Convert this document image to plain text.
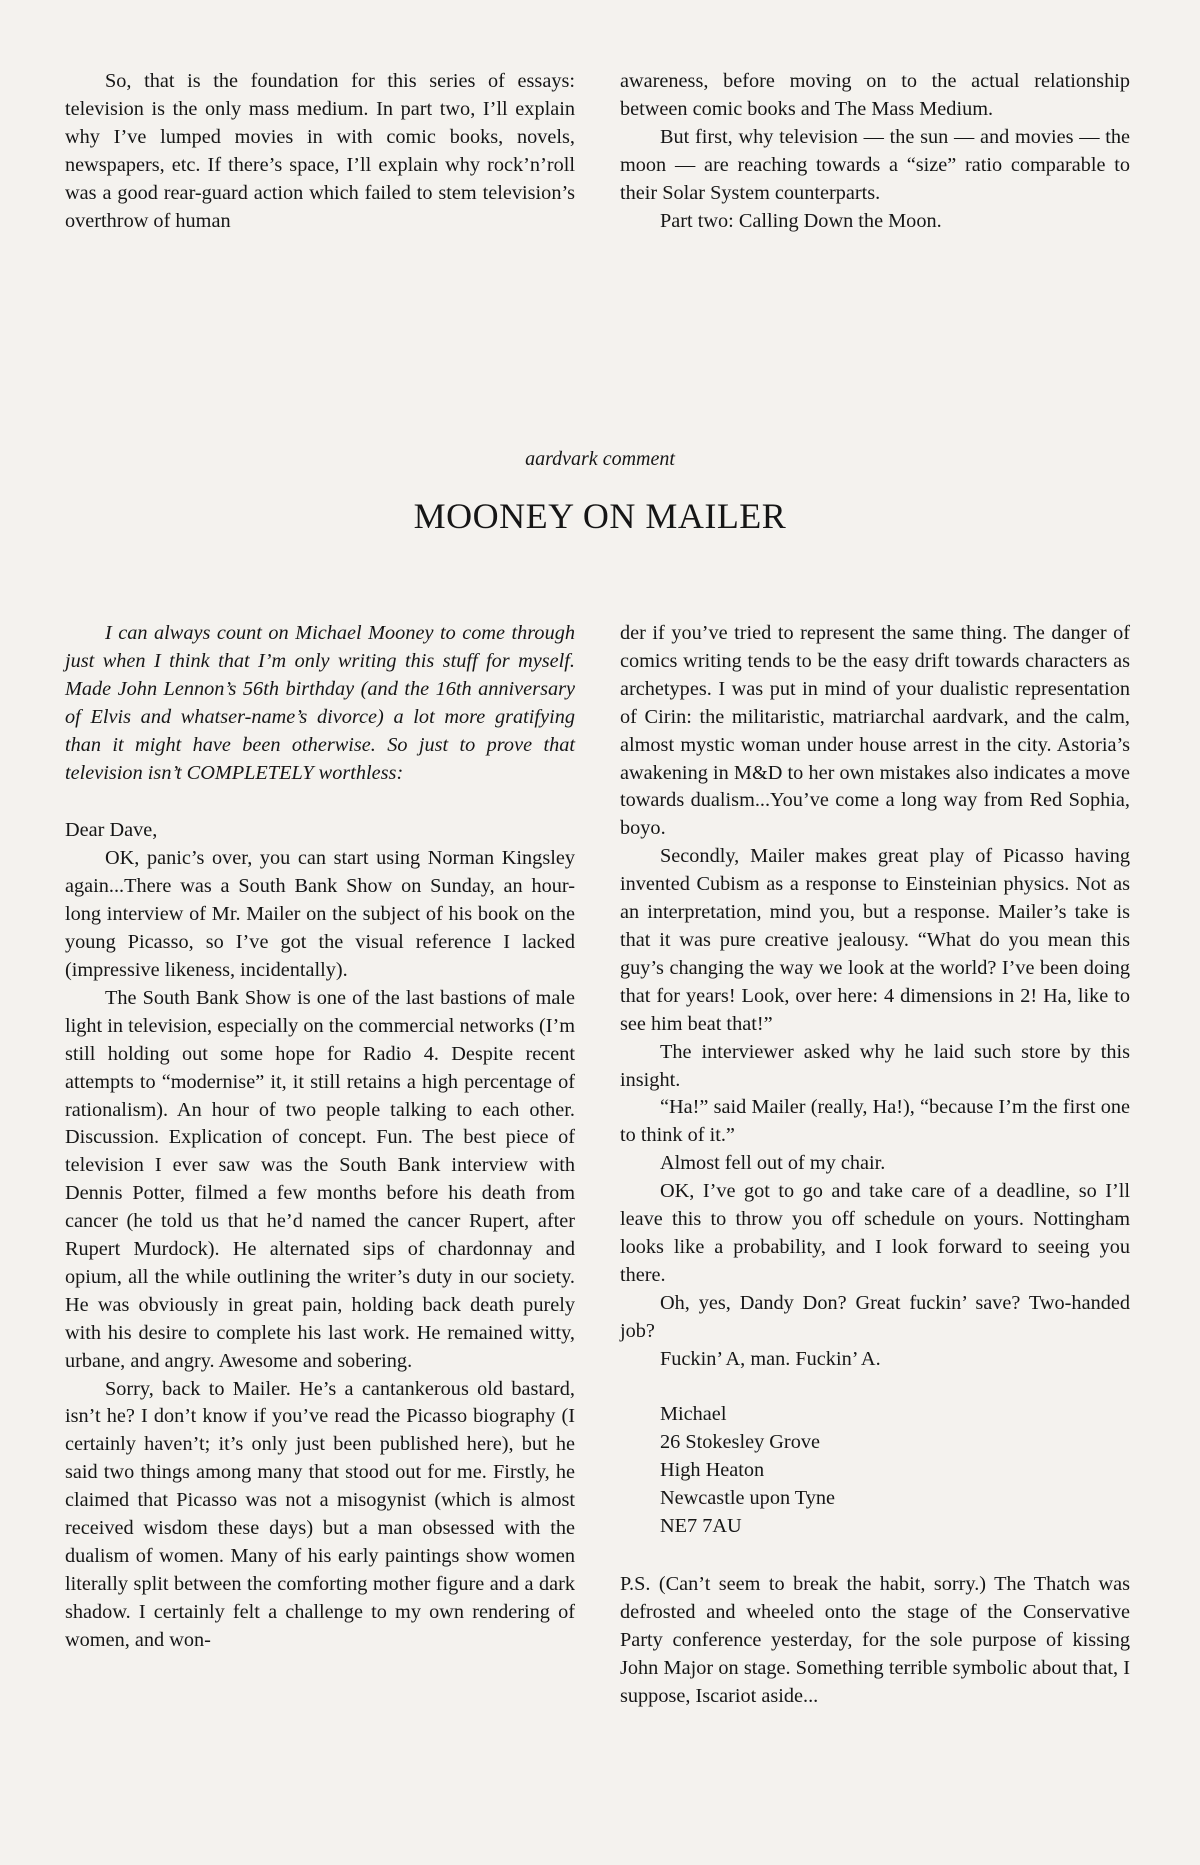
So, that is the foundation for this series of essays: television is the only mass medium. In part two, I’ll explain why I’ve lumped movies in with comic books, novels, newspapers, etc. If there’s space, I’ll explain why rock’n’roll was a good rear-guard action which failed to stem television’s overthrow of human

awareness, before moving on to the actual relationship between comic books and The Mass Medium.

But first, why television — the sun — and movies — the moon — are reaching towards a “size” ratio comparable to their Solar System counterparts.

Part two: Calling Down the Moon.

aardvark comment
MOONEY ON MAILER

I can always count on Michael Mooney to come through just when I think that I’m only writing this stuff for myself. Made John Lennon’s 56th birthday (and the 16th anniversary of Elvis and whatser-name’s divorce) a lot more gratifying than it might have been otherwise. So just to prove that television isn’t COMPLETELY worthless:

Dear Dave,

OK, panic’s over, you can start using Norman Kingsley again...There was a South Bank Show on Sunday, an hour-long interview of Mr. Mailer on the subject of his book on the young Picasso, so I’ve got the visual reference I lacked (impressive likeness, incidentally).

The South Bank Show is one of the last bastions of male light in television, especially on the commercial networks (I’m still holding out some hope for Radio 4. Despite recent attempts to “modernise” it, it still retains a high percentage of rationalism). An hour of two people talking to each other. Discussion. Explication of concept. Fun. The best piece of television I ever saw was the South Bank interview with Dennis Potter, filmed a few months before his death from cancer (he told us that he’d named the cancer Rupert, after Rupert Murdock). He alternated sips of chardonnay and opium, all the while outlining the writer’s duty in our society. He was obviously in great pain, holding back death purely with his desire to complete his last work. He remained witty, urbane, and angry. Awesome and sobering.

Sorry, back to Mailer. He’s a cantankerous old bastard, isn’t he? I don’t know if you’ve read the Picasso biography (I certainly haven’t; it’s only just been published here), but he said two things among many that stood out for me. Firstly, he claimed that Picasso was not a misogynist (which is almost received wisdom these days) but a man obsessed with the dualism of women. Many of his early paintings show women literally split between the comforting mother figure and a dark shadow. I certainly felt a challenge to my own rendering of women, and won-

der if you’ve tried to represent the same thing. The danger of comics writing tends to be the easy drift towards characters as archetypes. I was put in mind of your dualistic representation of Cirin: the militaristic, matriarchal aardvark, and the calm, almost mystic woman under house arrest in the city. Astoria’s awakening in M&D to her own mistakes also indicates a move towards dualism...You’ve come a long way from Red Sophia, boyo.

Secondly, Mailer makes great play of Picasso having invented Cubism as a response to Einsteinian physics. Not as an interpretation, mind you, but a response. Mailer’s take is that it was pure creative jealousy. “What do you mean this guy’s changing the way we look at the world? I’ve been doing that for years! Look, over here: 4 dimensions in 2! Ha, like to see him beat that!”

The interviewer asked why he laid such store by this insight.

“Ha!” said Mailer (really, Ha!), “because I’m the first one to think of it.”

Almost fell out of my chair.

OK, I’ve got to go and take care of a deadline, so I’ll leave this to throw you off schedule on yours. Nottingham looks like a probability, and I look forward to seeing you there.

Oh, yes, Dandy Don? Great fuckin’ save? Two-handed job?

Fuckin’ A, man. Fuckin’ A.

Michael

26 Stokesley Grove

High Heaton

Newcastle upon Tyne

NE7 7AU

P.S. (Can’t seem to break the habit, sorry.) The Thatch was defrosted and wheeled onto the stage of the Conservative Party conference yesterday, for the sole purpose of kissing John Major on stage. Something terrible symbolic about that, I suppose, Iscariot aside...
